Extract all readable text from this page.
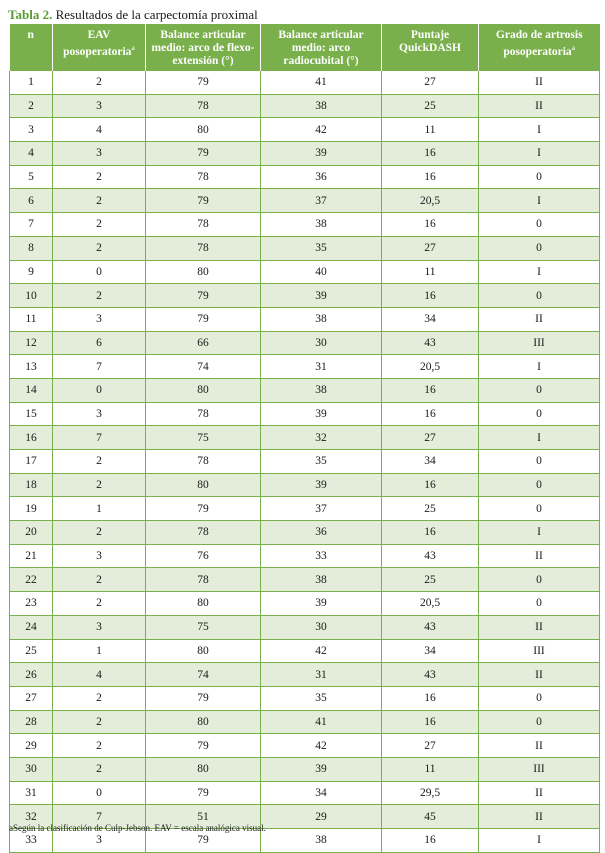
Tabla 2. Resultados de la carpectomía proximal
n	EAV posoperatoria$^a$	Balance articular medio: arco de flexo-extensión (°)	Balance articular medio: arco radiocubital (°)	Puntaje QuickDASH	Grado de artrosis posoperatoria$^a$

1	2	79	41	27	II
2	3	78	38	25	II
3	4	80	42	11	I
4	3	79	39	16	I
5	2	78	36	16	0
6	2	79	37	20,5	I
7	2	78	38	16	0
8	2	78	35	27	0
9	0	80	40	11	I
10	2	79	39	16	0
11	3	79	38	34	II
12	6	66	30	43	III
13	7	74	31	20,5	I
14	0	80	38	16	0
15	3	78	39	16	0
16	7	75	32	27	I
17	2	78	35	34	0
18	2	80	39	16	0
19	1	79	37	25	0
20	2	78	36	16	I
21	3	76	33	43	II
22	2	78	38	25	0
23	2	80	39	20,5	0
24	3	75	30	43	II
25	1	80	42	34	III
26	4	74	31	43	II
27	2	79	35	16	0
28	2	80	41	16	0
29	2	79	42	27	II
30	2	80	39	11	III
31	0	79	34	29,5	II
32	7	51	29	45	II
33	3	79	38	16	I
aSegún la clasificación de Culp-Jebson. EAV = escala analógica visual.
